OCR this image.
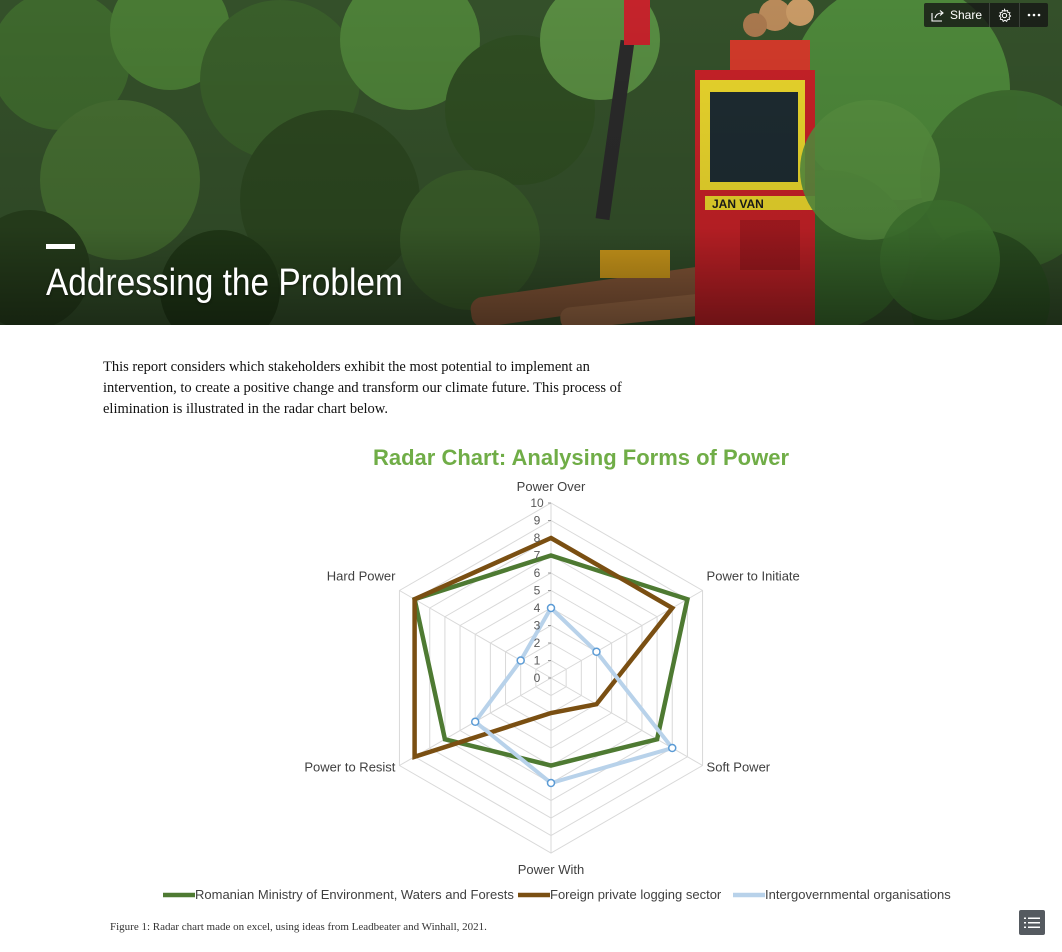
Addressing the Problem
Share
This report considers which stakeholders exhibit the most potential to implement an intervention, to create a positive change and transform our climate future. This process of elimination is illustrated in the radar chart below.
Radar Chart: Analysing Forms of Power
0
1
2
3
4
5
6
7
8
9
10
Power Over
Power to Initiate
Soft Power
Power With
Power to Resist
Hard Power
Romanian Ministry of Environment, Waters and Forests	Foreign private logging sector	Intergovernmental organisations
Figure 1: Radar chart made on excel, using ideas from Leadbeater and Winhall, 2021.
